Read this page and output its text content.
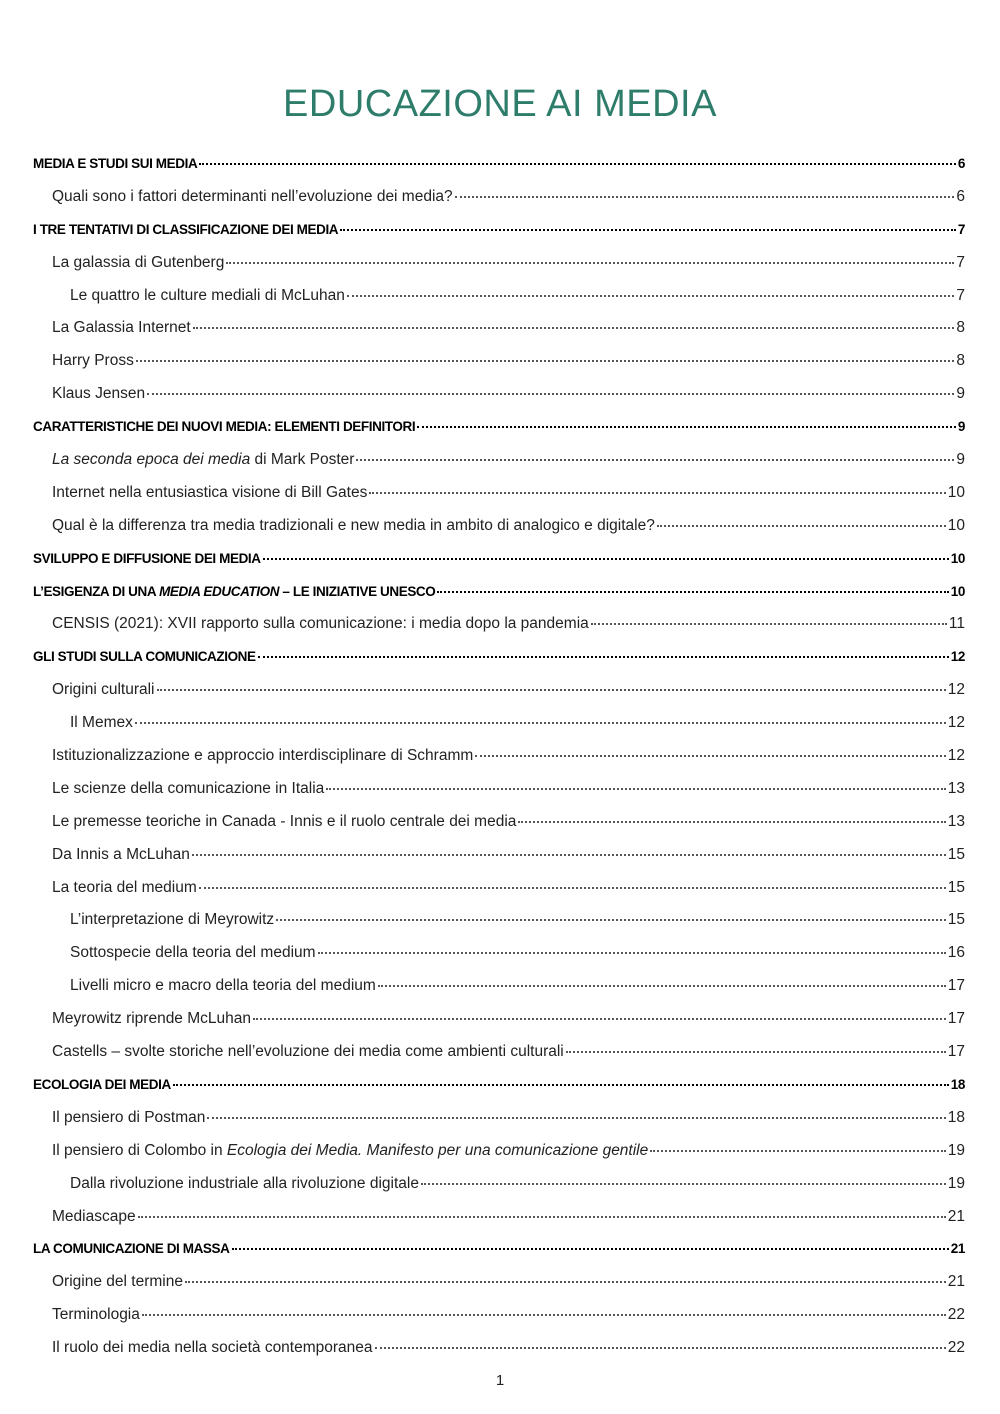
EDUCAZIONE AI MEDIA
MEDIA E STUDI SUI MEDIA	6
Quali sono i fattori determinanti nell’evoluzione dei media?	6
I TRE TENTATIVI DI CLASSIFICAZIONE DEI MEDIA	7
La galassia di Gutenberg	7
Le quattro le culture mediali di McLuhan	7
La Galassia Internet	8
Harry Pross	8
Klaus Jensen	9
CARATTERISTICHE DEI NUOVI MEDIA: ELEMENTI DEFINITORI	9
La seconda epoca dei media di Mark Poster	9
Internet nella entusiastica visione di Bill Gates	10
Qual è la differenza tra media tradizionali e new media in ambito di analogico e digitale?	10
SVILUPPO E DIFFUSIONE DEI MEDIA	10
L’ESIGENZA DI UNA MEDIA EDUCATION – LE INIZIATIVE UNESCO	10
CENSIS (2021): XVII rapporto sulla comunicazione: i media dopo la pandemia	11
GLI STUDI SULLA COMUNICAZIONE	12
Origini culturali	12
Il Memex	12
Istituzionalizzazione e approccio interdisciplinare di Schramm	12
Le scienze della comunicazione in Italia	13
Le premesse teoriche in Canada - Innis e il ruolo centrale dei media	13
Da Innis a McLuhan	15
La teoria del medium	15
L’interpretazione di Meyrowitz	15
Sottospecie della teoria del medium	16
Livelli micro e macro della teoria del medium	17
Meyrowitz riprende McLuhan	17
Castells – svolte storiche nell’evoluzione dei media come ambienti culturali	17
ECOLOGIA DEI MEDIA	18
Il pensiero di Postman	18
Il pensiero di Colombo in Ecologia dei Media. Manifesto per una comunicazione gentile	19
Dalla rivoluzione industriale alla rivoluzione digitale	19
Mediascape	21
LA COMUNICAZIONE DI MASSA	21
Origine del termine	21
Terminologia	22
Il ruolo dei media nella società contemporanea	22
1
